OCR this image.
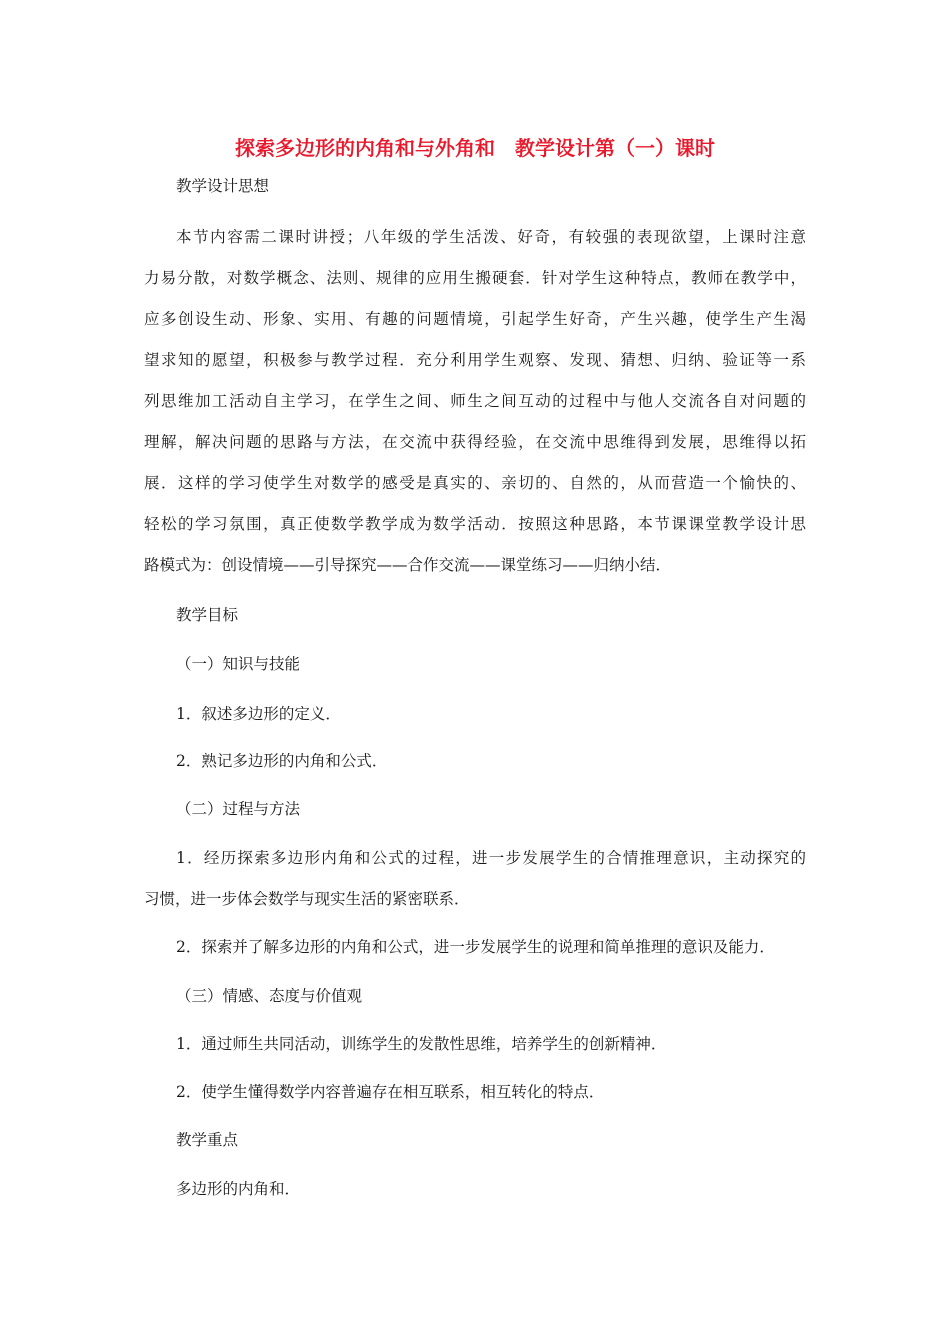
探索多边形的内角和与外角和　教学设计第（一）课时
教学设计思想
本节内容需二课时讲授；八年级的学生活泼、好奇，有较强的表现欲望，上课时注意
力易分散，对数学概念、法则、规律的应用生搬硬套．针对学生这种特点，教师在教学中，
应多创设生动、形象、实用、有趣的问题情境，引起学生好奇，产生兴趣，使学生产生渴
望求知的愿望，积极参与教学过程．充分利用学生观察、发现、猜想、归纳、验证等一系
列思维加工活动自主学习，在学生之间、师生之间互动的过程中与他人交流各自对问题的
理解，解决问题的思路与方法，在交流中获得经验，在交流中思维得到发展，思维得以拓
展．这样的学习使学生对数学的感受是真实的、亲切的、自然的，从而营造一个愉快的、
轻松的学习氛围，真正使数学教学成为数学活动．按照这种思路，本节课课堂教学设计思
路模式为：创设情境——引导探究——合作交流——课堂练习——归纳小结．
教学目标
（一）知识与技能
1．叙述多边形的定义．
2．熟记多边形的内角和公式．
（二）过程与方法
1．经历探索多边形内角和公式的过程，进一步发展学生的合情推理意识，主动探究的
习惯，进一步体会数学与现实生活的紧密联系．
2．探索并了解多边形的内角和公式，进一步发展学生的说理和简单推理的意识及能力．
（三）情感、态度与价值观
1．通过师生共同活动，训练学生的发散性思维，培养学生的创新精神．
2．使学生懂得数学内容普遍存在相互联系，相互转化的特点．
教学重点
多边形的内角和．
